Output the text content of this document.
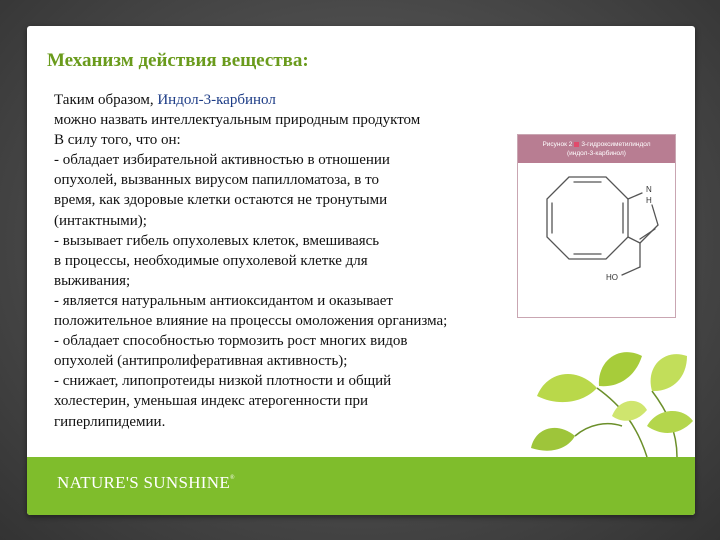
Механизм действия вещества:
Таким образом, Индол-3-карбинол
можно назвать интеллектуальным природным продуктом
В силу того, что он:
- обладает избирательной активностью в отношении
опухолей, вызванных вирусом папилломатоза, в то
время, как здоровые клетки остаются не тронутыми
(интактными);
- вызывает гибель опухолевых клеток, вмешиваясь
в процессы, необходимые опухолевой клетке для
выживания;
- является натуральным антиоксидантом и оказывает
положительное влияние на процессы омоложения организма;
- обладает способностью тормозить рост многих видов
опухолей (антипролиферативная активность);
- снижает, липопротеиды низкой плотности и общий
холестерин, уменьшая индекс атерогенности при
гиперлипидемии.
Рисунок 2 3-гидроксиметилиндол
(индол-3-карбинол)
N
H
HO
NATURE'S SUNSHINE®
